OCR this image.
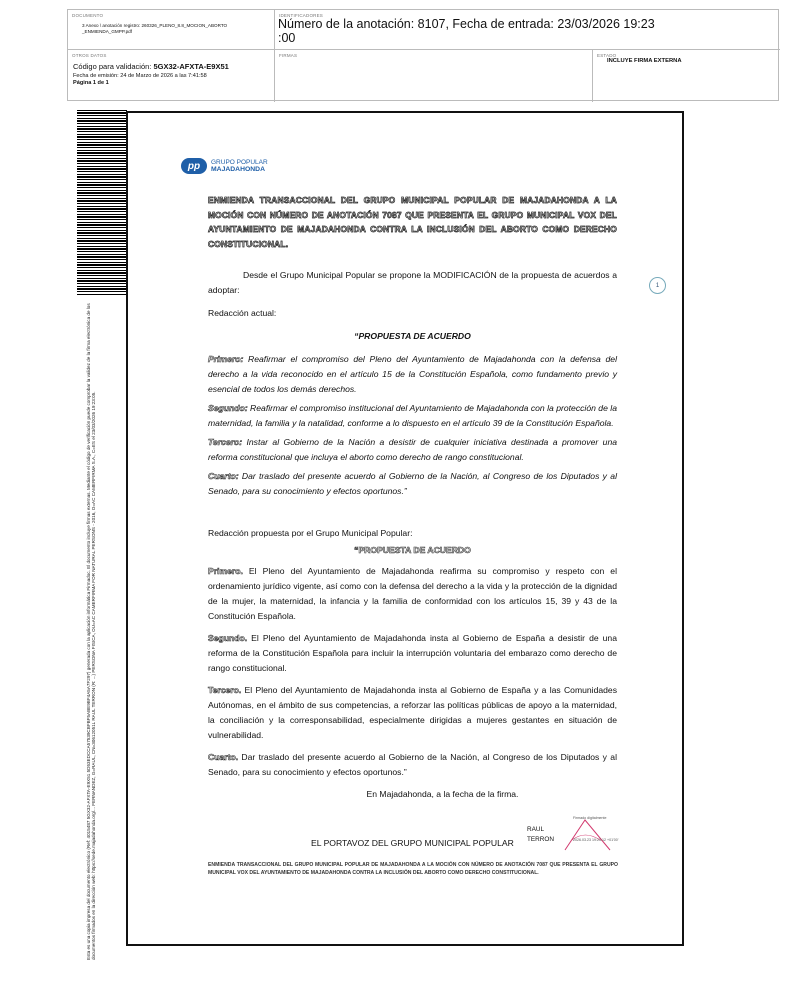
DOCUMENTO
3 Anexo \ anotación registro: 260326_PLENO_8.8_MOCION_ABORTO _ENMIENDA_GMPP.pdf
IDENTIFICADORES
Número de la anotación: 8107, Fecha de entrada: 23/03/2026 19:23 :00
OTROS DATOS
Código para validación: 5GX32-AFXTA-E9X51
Fecha de emisión: 24 de Marzo de 2026 a las 7:41:58
Página 1 de 1
FIRMAS	ESTADO
INCLUYE FIRMA EXTERNA
Esta es una copia impresa del documento electrónico (Ref: 4015487 5GX32-AFXTA-E9X51 5D53EDCCA57539CBFBF5ABE9BF4A5A7F297) generada con la aplicación informática Firmadoc. El documento incluye firmas externas. Mediante el código de verificación puede comprobar la validez de la firma electrónica de los documentos firmados en la dirección web: https://sede.majadahonda.org/... FERNANDEZ, G=RAUL, CN=30612051L RAUL TERRON (R: ...) PERSONA FISICA, OU=AC CAMERFIRMA FOR NATURAL PERSONS - 2016, O=AC CAMERFIRMA S.A., C=ES el 23/03/2026 19:23:05.
pp	GRUPO POPULAR
MAJADAHONDA
1

ENMIENDA TRANSACCIONAL DEL GRUPO MUNICIPAL POPULAR DE MAJADAHONDA A LA MOCIÓN CON NÚMERO DE ANOTACIÓN 7087 QUE PRESENTA EL GRUPO MUNICIPAL VOX DEL AYUNTAMIENTO DE MAJADAHONDA CONTRA LA INCLUSIÓN DEL ABORTO COMO DERECHO CONSTITUCIONAL.

Desde el Grupo Municipal Popular se propone la MODIFICACIÓN de la propuesta de acuerdos a adoptar:

Redacción actual:

“PROPUESTA DE ACUERDO

Primero: Reafirmar el compromiso del Pleno del Ayuntamiento de Majadahonda con la defensa del derecho a la vida reconocido en el artículo 15 de la Constitución Española, como fundamento previo y esencial de todos los demás derechos.

Segundo: Reafirmar el compromiso institucional del Ayuntamiento de Majadahonda con la protección de la maternidad, la familia y la natalidad, conforme a lo dispuesto en el artículo 39 de la Constitución Española.

Tercero: Instar al Gobierno de la Nación a desistir de cualquier iniciativa destinada a promover una reforma constitucional que incluya el aborto como derecho de rango constitucional.

Cuarto: Dar traslado del presente acuerdo al Gobierno de la Nación, al Congreso de los Diputados y al Senado, para su conocimiento y efectos oportunos.”

Redacción propuesta por el Grupo Municipal Popular:

“PROPUESTA DE ACUERDO

Primero. El Pleno del Ayuntamiento de Majadahonda reafirma su compromiso y respeto con el ordenamiento jurídico vigente, así como con la defensa del derecho a la vida y la protección de la dignidad de la mujer, la maternidad, la infancia y la familia de conformidad con los artículos 15, 39 y 43 de la Constitución Española.

Segundo. El Pleno del Ayuntamiento de Majadahonda insta al Gobierno de España a desistir de una reforma de la Constitución Española para incluir la interrupción voluntaria del embarazo como derecho de rango constitucional.

Tercero. El Pleno del Ayuntamiento de Majadahonda insta al Gobierno de España y a las Comunidades Autónomas, en el ámbito de sus competencias, a reforzar las políticas públicas de apoyo a la maternidad, la conciliación y la corresponsabilidad, especialmente dirigidas a mujeres gestantes en situación de vulnerabilidad.

Cuarto. Dar traslado del presente acuerdo al Gobierno de la Nación, al Congreso de los Diputados y al Senado, para su conocimiento y efectos oportunos.”

En Majadahonda, a la fecha de la firma.

EL PORTAVOZ DEL GRUPO MUNICIPAL POPULAR
RAUL
TERRON
Firmado digitalmente
2026.03.23 19:23:12 +01'00'
ENMIENDA TRANSACCIONAL DEL GRUPO MUNICIPAL POPULAR DE MAJADAHONDA A LA MOCIÓN CON NÚMERO DE ANOTACIÓN 7087 QUE PRESENTA EL GRUPO MUNICIPAL VOX DEL AYUNTAMIENTO DE MAJADAHONDA CONTRA LA INCLUSIÓN DEL ABORTO COMO DERECHO CONSTITUCIONAL.
